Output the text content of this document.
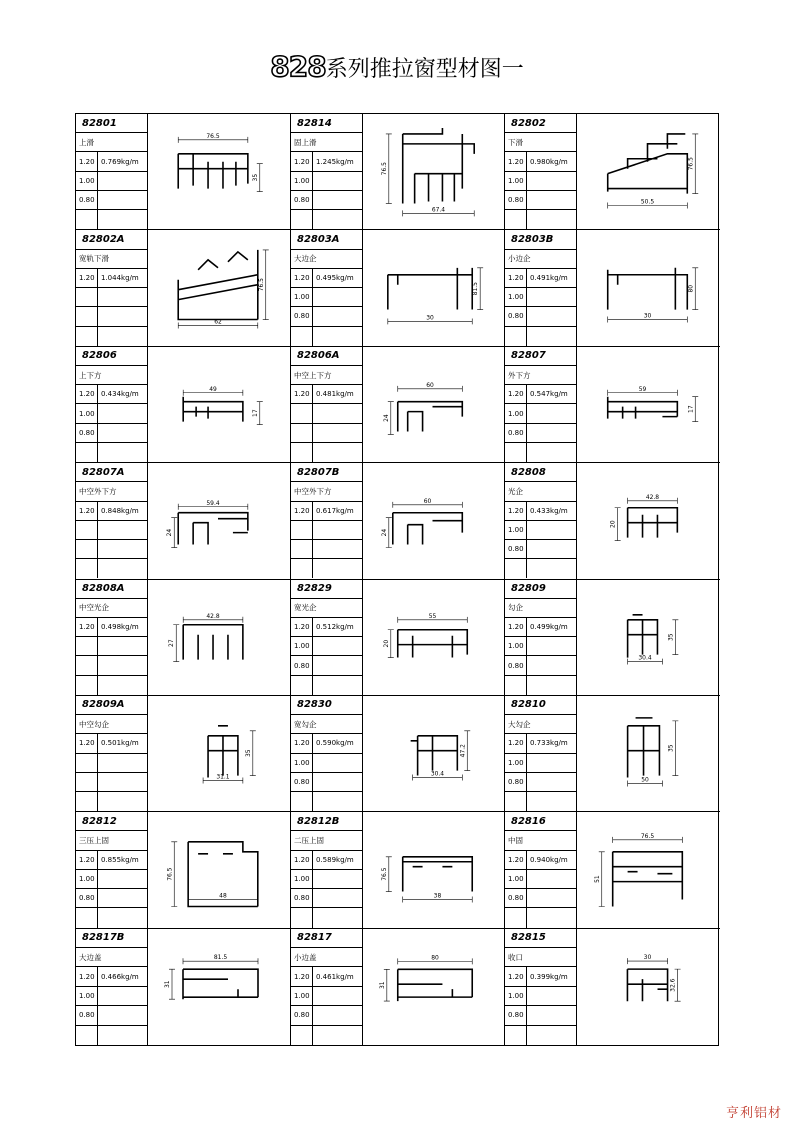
828系列推拉窗型材图一
82801
上滑
1.20 0.769kg/m
1.00
0.80
76.5
35
82814
固上滑
1.20 1.245kg/m
1.00
0.80
67.4
76.5
82802
下滑
1.20 0.980kg/m
1.00
0.80	50.5
76.5
82802A
宽轨下滑
1.20 1.044kg/m
62
76.5
82803A
大边企
1.20 0.495kg/m
1.00
0.80	30
81.5
82803B
小边企
1.20 0.491kg/m
1.00
0.80	30
80
82806
上下方
1.20 0.434kg/m
1.00
0.80
49
17
82806A
中空上下方
1.20 0.481kg/m
60
24
82807
外下方
1.20 0.547kg/m
1.00
0.80
59
17
82807A
中空外下方
1.20 0.848kg/m
59.4
24
82807B
中空外下方
1.20 0.617kg/m
60
24
82808
光企
1.20 0.433kg/m
1.00
0.80
42.8
20
82808A
中空光企
1.20 0.498kg/m
42.8
27
82829
宽光企
1.20 0.512kg/m
1.00
0.80
55
20
82809
勾企
1.20 0.499kg/m
1.00
0.80
30.4
35
82809A
中空勾企
1.20 0.501kg/m
31.1
35
82830
宽勾企
1.20 0.590kg/m
1.00
0.80
30.4
47.2
82810
大勾企
1.20 0.733kg/m
1.00
0.80	50
35
82812
三压上固
1.20 0.855kg/m
1.00
0.80	48
76.5
82812B
二压上固
1.20 0.589kg/m
1.00
0.80	38
76.5
82816
中固
1.20 0.940kg/m
1.00
0.80
76.5
51
82817B
大边盖
1.20 0.466kg/m
1.00
0.80
81.5
31
82817
小边盖
1.20 0.461kg/m
1.00
0.80
80
31
82815
收口
1.20 0.399kg/m
1.00
0.80
30
32.6
亨利铝材
